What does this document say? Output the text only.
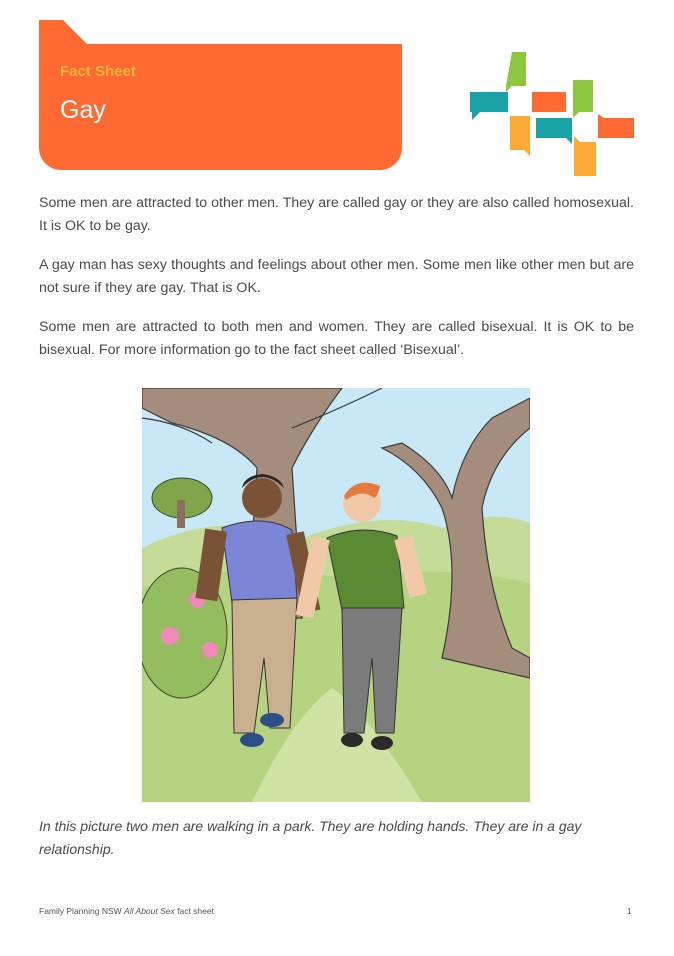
Fact Sheet
Gay

Some men are attracted to other men. They are called gay or they are also called homosexual. It is OK to be gay.

A gay man has sexy thoughts and feelings about other men. Some men like other men but are not sure if they are gay. That is OK.

Some men are attracted to both men and women. They are called bisexual. It is OK to be bisexual. For more information go to the fact sheet called ‘Bisexual’.

In this picture two men are walking in a park. They are holding hands. They are in a gay relationship.

Family Planning NSW All About Sex fact sheet	1
